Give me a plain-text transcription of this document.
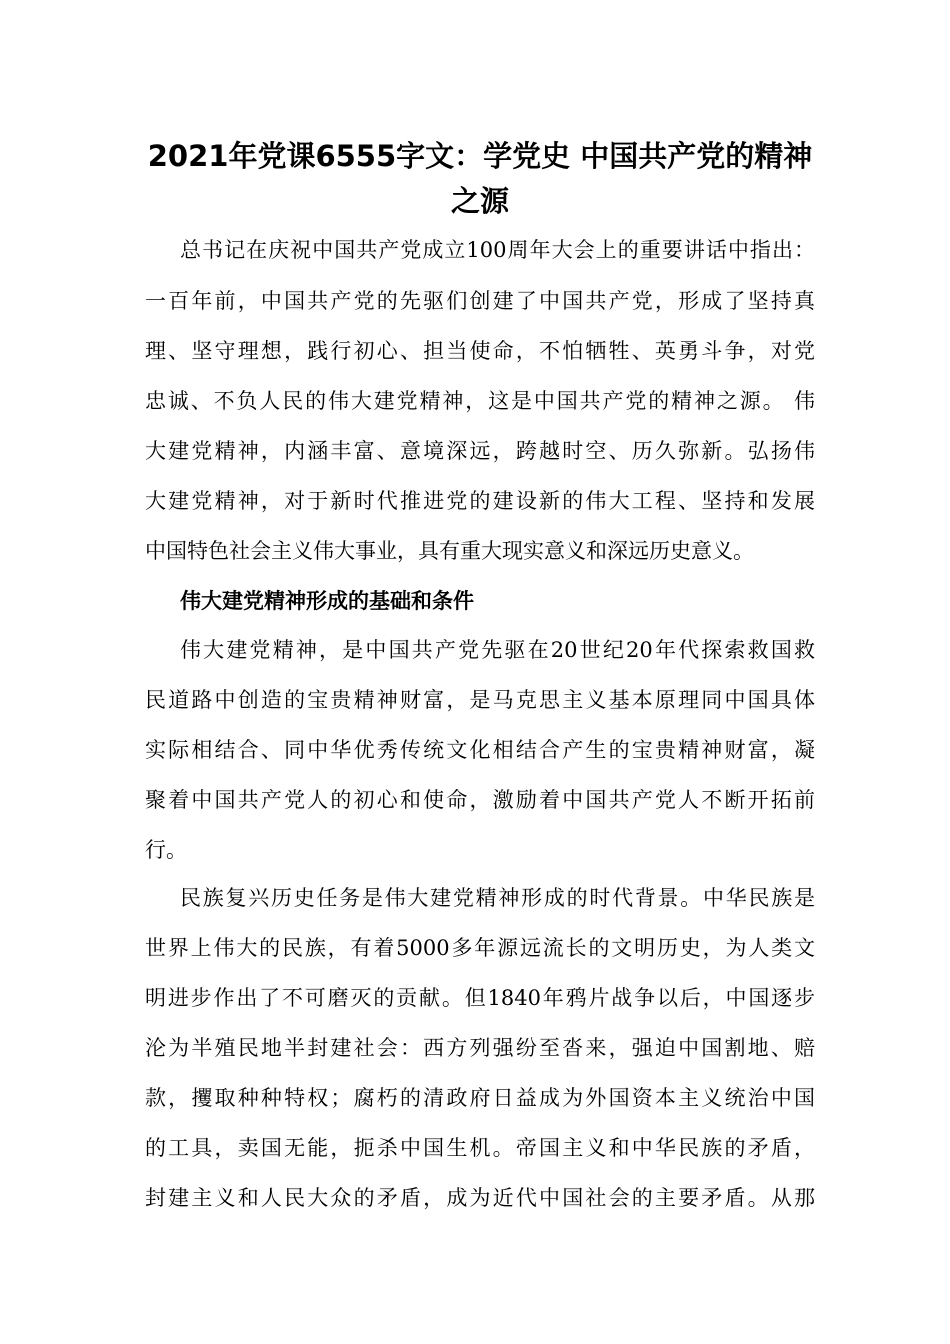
2021年党课6555字文：学党史 中国共产党的精神
之源

总书记在庆祝中国共产党成立100周年大会上的重要讲话中指出：

一百年前，中国共产党的先驱们创建了中国共产党，形成了坚持真

理、坚守理想，践行初心、担当使命，不怕牺牲、英勇斗争，对党

忠诚、不负人民的伟大建党精神，这是中国共产党的精神之源。 伟

大建党精神，内涵丰富、意境深远，跨越时空、历久弥新。弘扬伟

大建党精神，对于新时代推进党的建设新的伟大工程、坚持和发展

中国特色社会主义伟大事业，具有重大现实意义和深远历史意义。

伟大建党精神形成的基础和条件

伟大建党精神，是中国共产党先驱在20世纪20年代探索救国救

民道路中创造的宝贵精神财富，是马克思主义基本原理同中国具体

实际相结合、同中华优秀传统文化相结合产生的宝贵精神财富，凝

聚着中国共产党人的初心和使命，激励着中国共产党人不断开拓前

行。

民族复兴历史任务是伟大建党精神形成的时代背景。中华民族是

世界上伟大的民族，有着5000多年源远流长的文明历史，为人类文

明进步作出了不可磨灭的贡献。但1840年鸦片战争以后，中国逐步

沦为半殖民地半封建社会：西方列强纷至沓来，强迫中国割地、赔

款，攫取种种特权；腐朽的清政府日益成为外国资本主义统治中国

的工具，卖国无能，扼杀中国生机。帝国主义和中华民族的矛盾，

封建主义和人民大众的矛盾，成为近代中国社会的主要矛盾。从那
